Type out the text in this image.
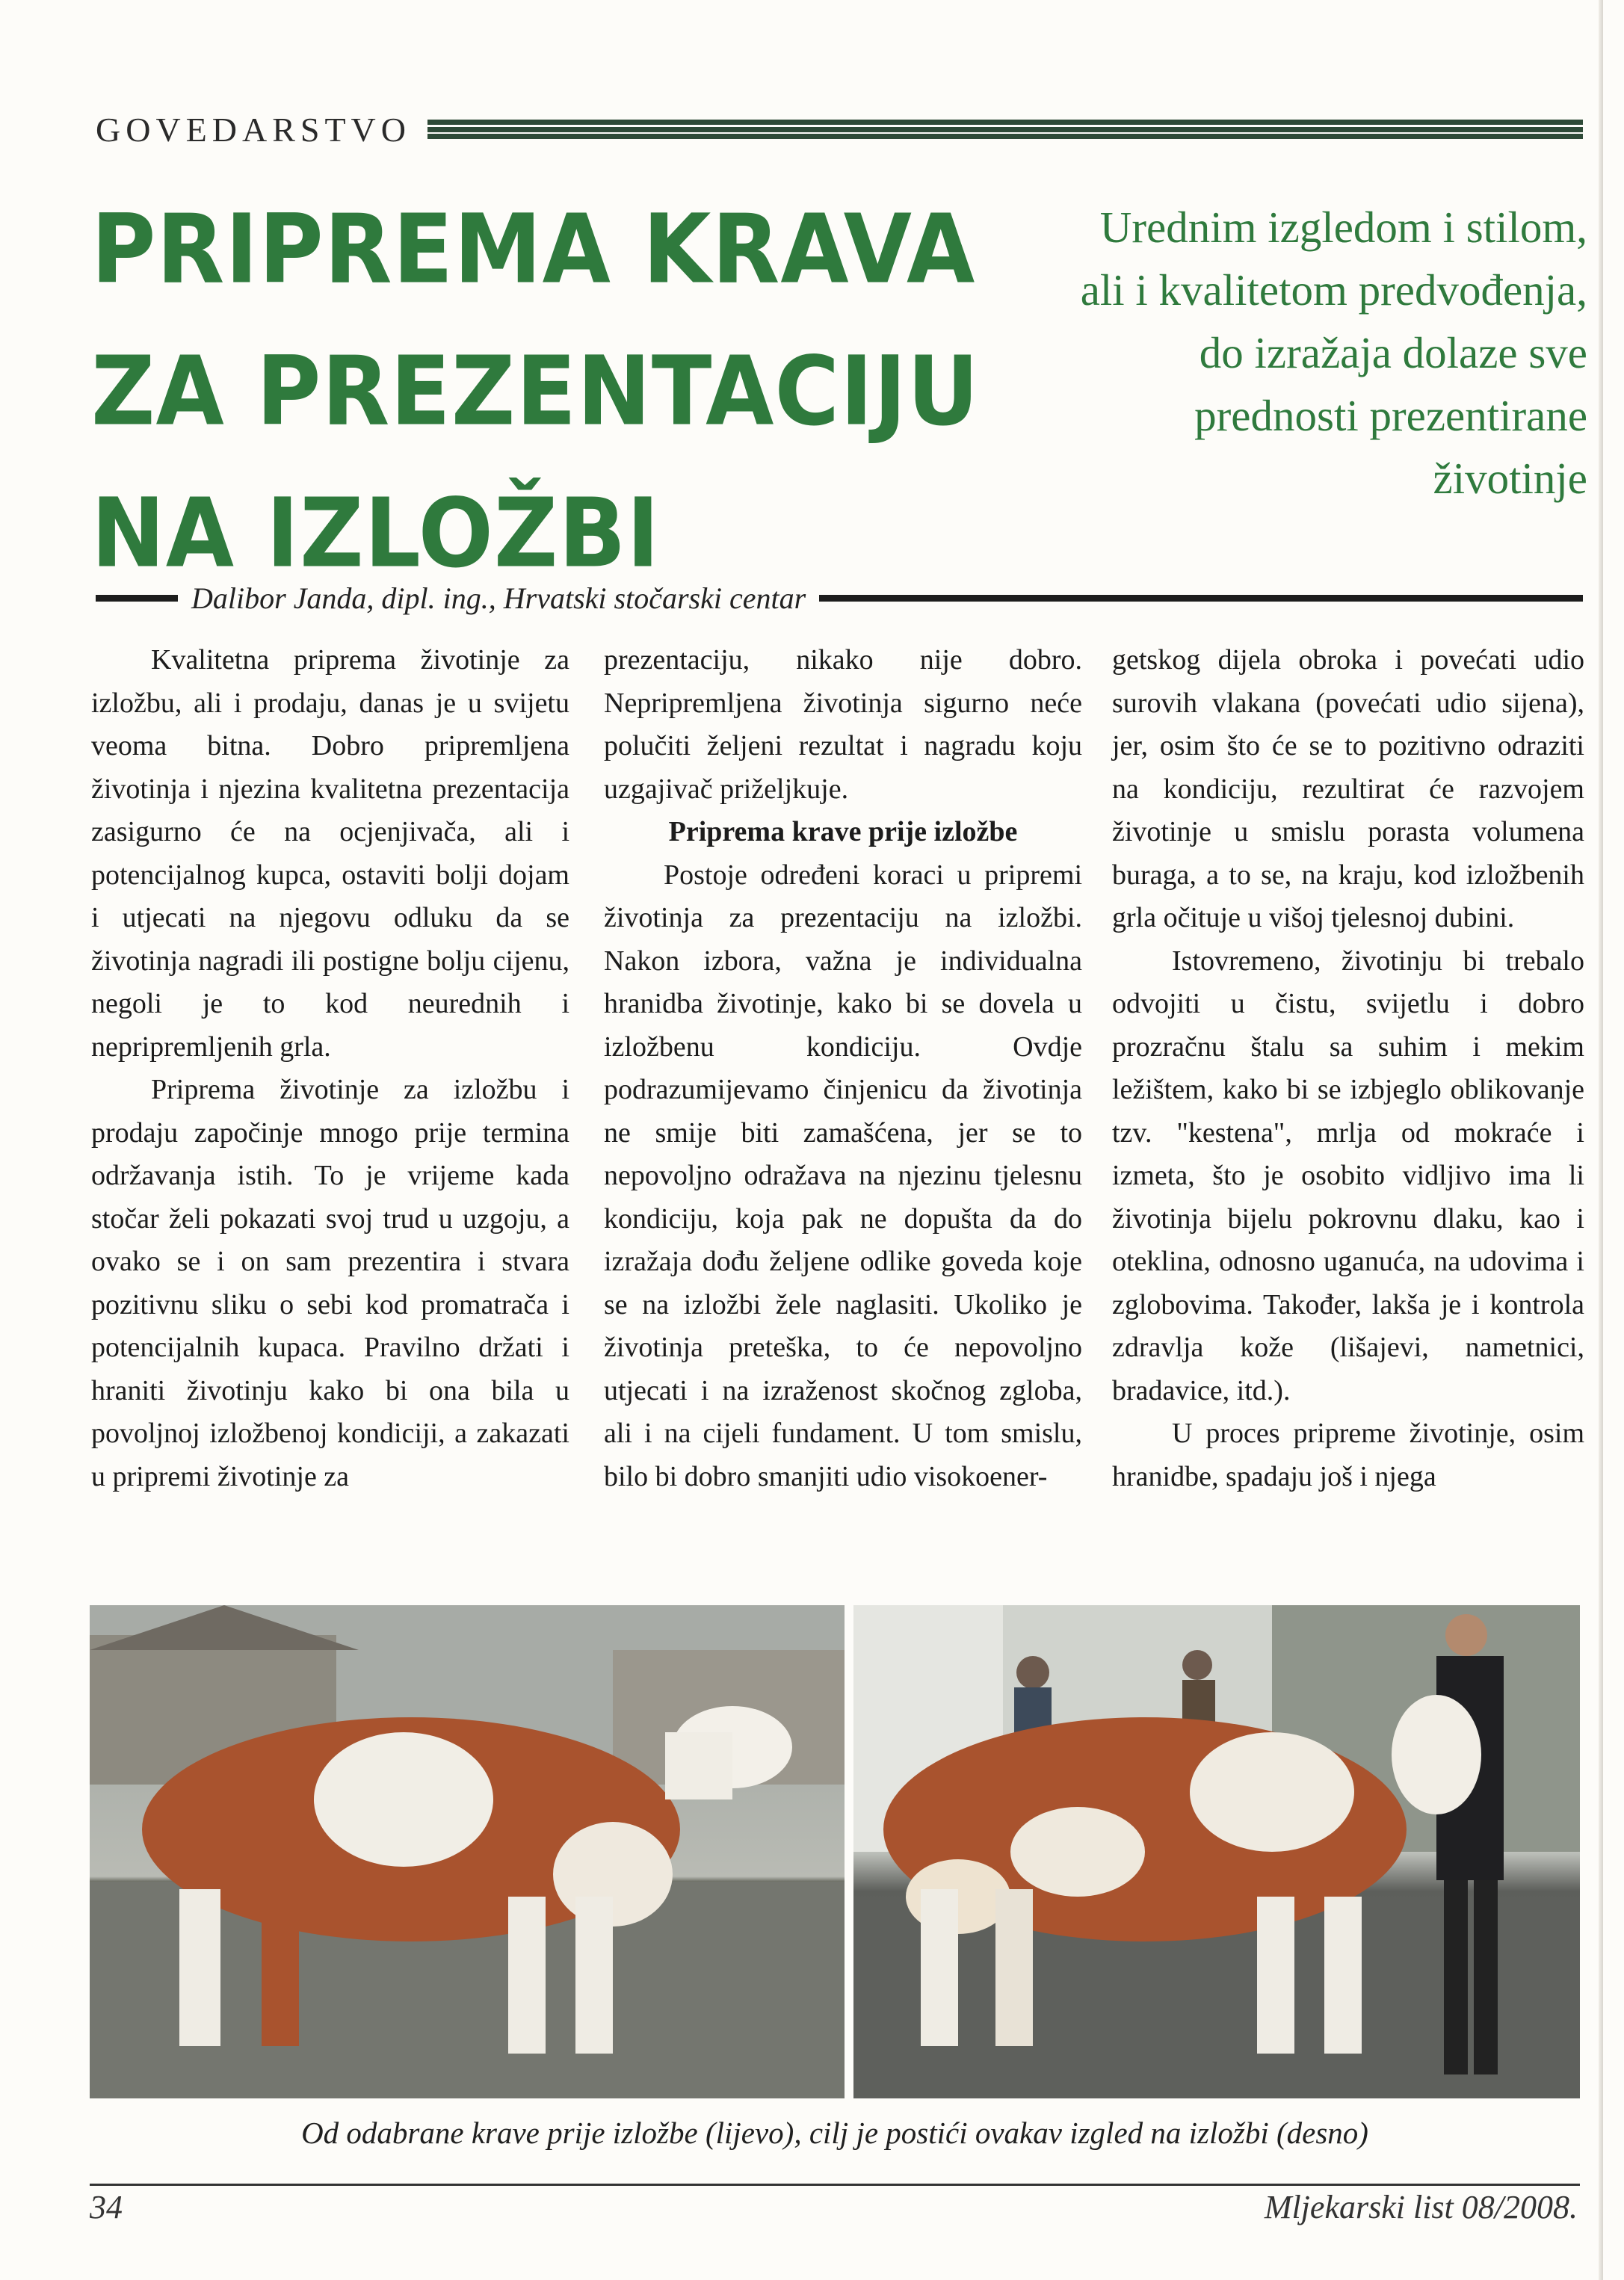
GOVEDARSTVO
PRIPREMA KRAVA
ZA PREZENTACIJU
NA IZLOŽBI
Urednim izgledom i stilom, ali i kvalitetom predvođenja, do izražaja dolaze sve prednosti prezentirane životinje
Dalibor Janda, dipl. ing., Hrvatski stočarski centar

Kvalitetna priprema životinje za izložbu, ali i prodaju, danas je u svijetu veoma bitna. Dobro pripremljena životinja i njezina kvalitetna prezentacija zasigurno će na ocjenjivača, ali i potencijalnog kupca, ostaviti bolji dojam i utjecati na njegovu odluku da se životinja nagradi ili postigne bolju cijenu, negoli je to kod neurednih i nepripremljenih grla.

Priprema životinje za izložbu i prodaju započinje mnogo prije termina održavanja istih. To je vrijeme kada stočar želi pokazati svoj trud u uzgoju, a ovako se i on sam prezentira i stvara pozitivnu sliku o sebi kod promatrača i potencijalnih kupaca. Pravilno držati i hraniti životinju kako bi ona bila u povoljnoj izložbenoj kondiciji, a zakazati u pripremi životinje za

prezentaciju, nikako nije dobro. Nepripremljena životinja sigurno neće polučiti željeni rezultat i nagradu koju uzgajivač priželjkuje.

Priprema krave prije izložbe

Postoje određeni koraci u pripremi životinja za prezentaciju na izložbi. Nakon izbora, važna je individualna hranidba životinje, kako bi se dovela u izložbenu kondiciju. Ovdje podrazumijevamo činjenicu da životinja ne smije biti zamašćena, jer se to nepovoljno odražava na njezinu tjelesnu kondiciju, koja pak ne dopušta da do izražaja dođu željene odlike goveda koje se na izložbi žele naglasiti. Ukoliko je životinja preteška, to će nepovoljno utjecati i na izraženost skočnog zgloba, ali i na cijeli fundament. U tom smislu, bilo bi dobro smanjiti udio visokoener-

getskog dijela obroka i povećati udio surovih vlakana (povećati udio sijena), jer, osim što će se to pozitivno odraziti na kondiciju, rezultirat će razvojem životinje u smislu porasta volumena buraga, a to se, na kraju, kod izložbenih grla očituje u višoj tjelesnoj dubini.

Istovremeno, životinju bi trebalo odvojiti u čistu, svijetlu i dobro prozračnu štalu sa suhim i mekim ležištem, kako bi se izbjeglo oblikovanje tzv. "kestena", mrlja od mokraće i izmeta, što je osobito vidljivo ima li životinja bijelu pokrovnu dlaku, kao i oteklina, odnosno uganuća, na udovima i zglobovima. Također, lakša je i kontrola zdravlja kože (lišajevi, nametnici, bradavice, itd.).

U proces pripreme životinje, osim hranidbe, spadaju još i njega

Od odabrane krave prije izložbe (lijevo), cilj je postići ovakav izgled na izložbi (desno)
34	Mljekarski list 08/2008.
